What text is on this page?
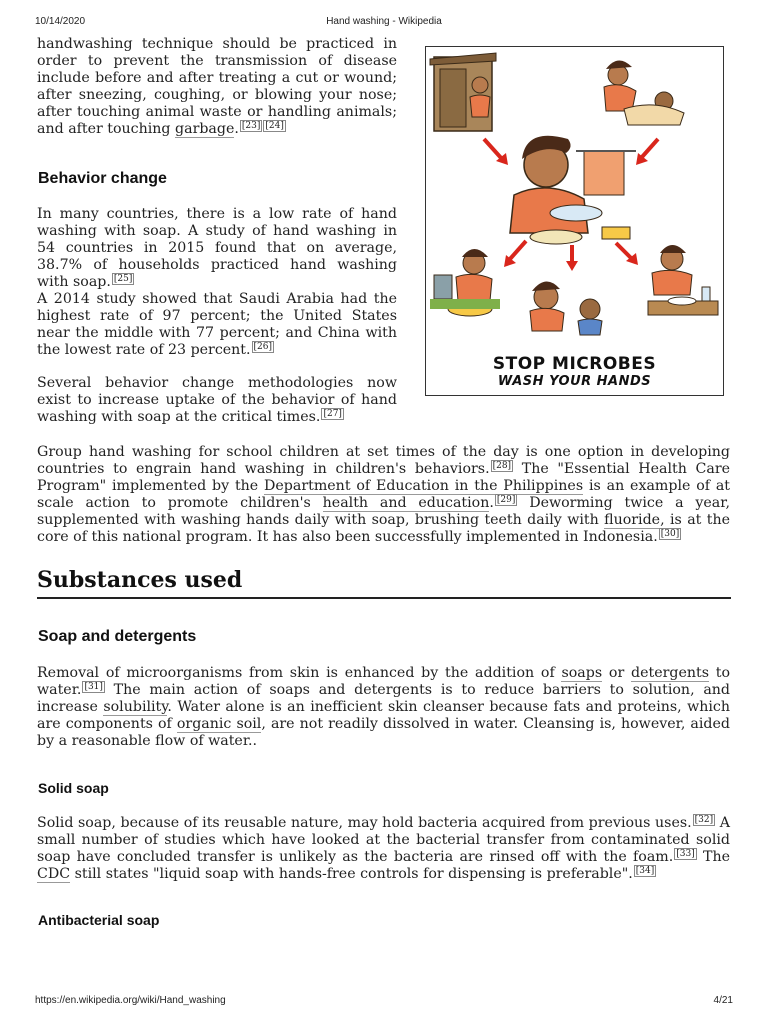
10/14/2020	Hand washing - Wikipedia

handwashing technique should be practiced in order to prevent the transmission of disease include before and after treating a cut or wound; after sneezing, coughing, or blowing your nose; after touching animal waste or handling animals; and after touching garbage. [23] [24]

Behavior change

In many countries, there is a low rate of hand washing with soap. A study of hand washing in 54 countries in 2015 found that on average, 38.7% of households practiced hand washing with soap. [25]

A 2014 study showed that Saudi Arabia had the highest rate of 97 percent; the United States near the middle with 77 percent; and China with the lowest rate of 23 percent. [26]

Several behavior change methodologies now exist to increase uptake of the behavior of hand washing with soap at the critical times. [27]

STOP MICROBES
WASH YOUR HANDS

Group hand washing for school children at set times of the day is one option in developing countries to engrain hand washing in children's behaviors. [28] The "Essential Health Care Program" implemented by the Department of Education in the Philippines is an example of at scale action to promote children's health and education. [29] Deworming twice a year, supplemented with washing hands daily with soap, brushing teeth daily with fluoride, is at the core of this national program. It has also been successfully implemented in Indonesia. [30]

Substances used
Soap and detergents

Removal of microorganisms from skin is enhanced by the addition of soaps or detergents to water. [31] The main action of soaps and detergents is to reduce barriers to solution, and increase solubility. Water alone is an inefficient skin cleanser because fats and proteins, which are components of organic soil, are not readily dissolved in water. Cleansing is, however, aided by a reasonable flow of water..

Solid soap

Solid soap, because of its reusable nature, may hold bacteria acquired from previous uses. [32] A small number of studies which have looked at the bacterial transfer from contaminated solid soap have concluded transfer is unlikely as the bacteria are rinsed off with the foam. [33] The CDC still states "liquid soap with hands-free controls for dispensing is preferable". [34]

Antibacterial soap
https://en.wikipedia.org/wiki/Hand_washing	4/21
